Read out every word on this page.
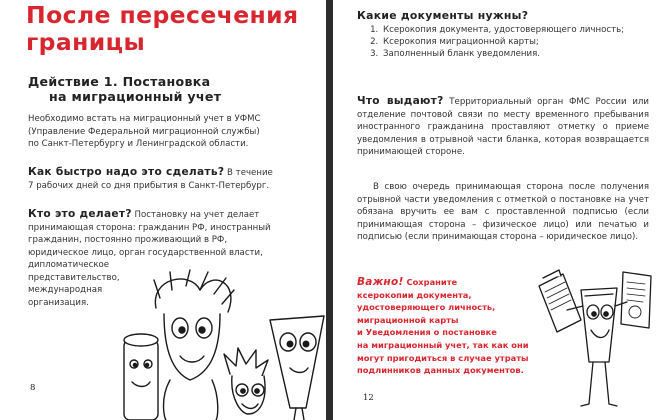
После пересечения
границы
Действие 1. Постановка
на миграционный учет

Необходимо встать на миграционный учет в УФМС
(Управление Федеральной миграционной службы)
по Санкт-Петербургу и Ленинградской области.

Как быстро надо это сделать? В течение
7 рабочих дней со дня прибытия в Санкт-Петербург.

Кто это делает? Постановку на учет делает
принимающая сторона: гражданин РФ, иностранный
гражданин, постоянно проживающий в РФ,
юридическое лицо, орган государственной власти,
дипломатическое
представительство,
международная
организация.

8
Какие документы нужны?
1. Ксерокопия документа, удостоверяющего личность;
2. Ксерокопия миграционной карты;
3. Заполненный бланк уведомления.

Что выдают? Территориальный орган ФМС России или отделение почтовой связи по месту временного пребывания иностранного гражданина проставляют отметку о приеме уведомления в отрывной части бланка, которая возвращается принимающей стороне.

В свою очередь принимающая сторона после получения отрывной части уведомления с отметкой о постановке на учет обязана вручить ее вам с проставленной подписью (если принимающая сторона – физическое лицо) или печатью и подписью (если принимающая сторона – юридическое лицо).

Важно! Сохраните
ксерокопии документа,
удостоверяющего личность,
миграционной карты
и Уведомления о постановке
на миграционный учет, так как они
могут пригодиться в случае утраты
подлинников данных документов.

12
